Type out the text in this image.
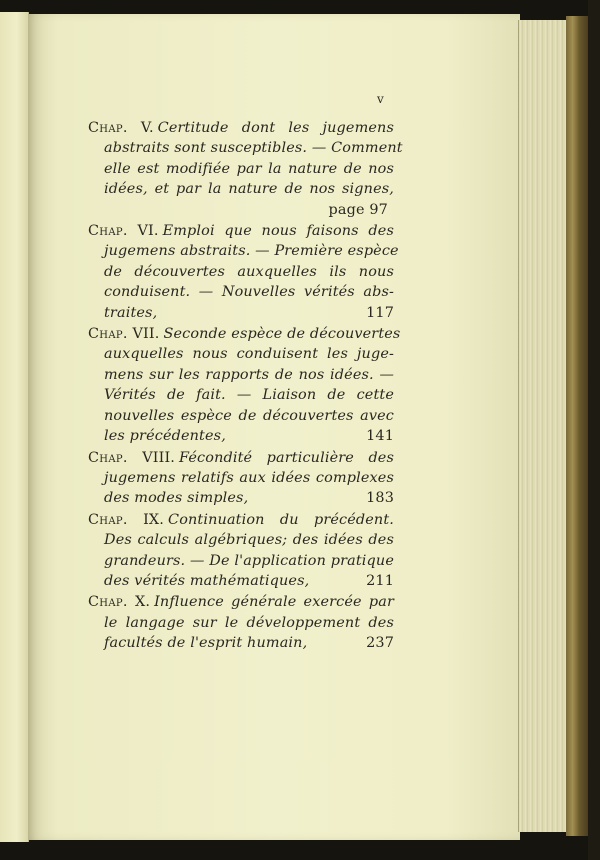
v
Chap. V. Certitude dont les jugemens
abstraits sont susceptibles. — Comment
elle est modifiée par la nature de nos
idées, et par la nature de nos signes,
page 97
Chap. VI. Emploi que nous faisons des
jugemens abstraits. — Première espèce
de découvertes auxquelles ils nous
conduisent. — Nouvelles vérités abs-
traites,	117
Chap. VII. Seconde espèce de découvertes
auxquelles nous conduisent les juge-
mens sur les rapports de nos idées. —
Vérités de fait. — Liaison de cette
nouvelles espèce de découvertes avec
les précédentes,	141
Chap. VIII. Fécondité particulière des
jugemens relatifs aux idées complexes
des modes simples,	183
Chap. IX. Continuation du précédent.
Des calculs algébriques; des idées des
grandeurs. — De l'application pratique
des vérités mathématiques,	211
Chap. X. Influence générale exercée par
le langage sur le développement des
facultés de l'esprit humain,	237
